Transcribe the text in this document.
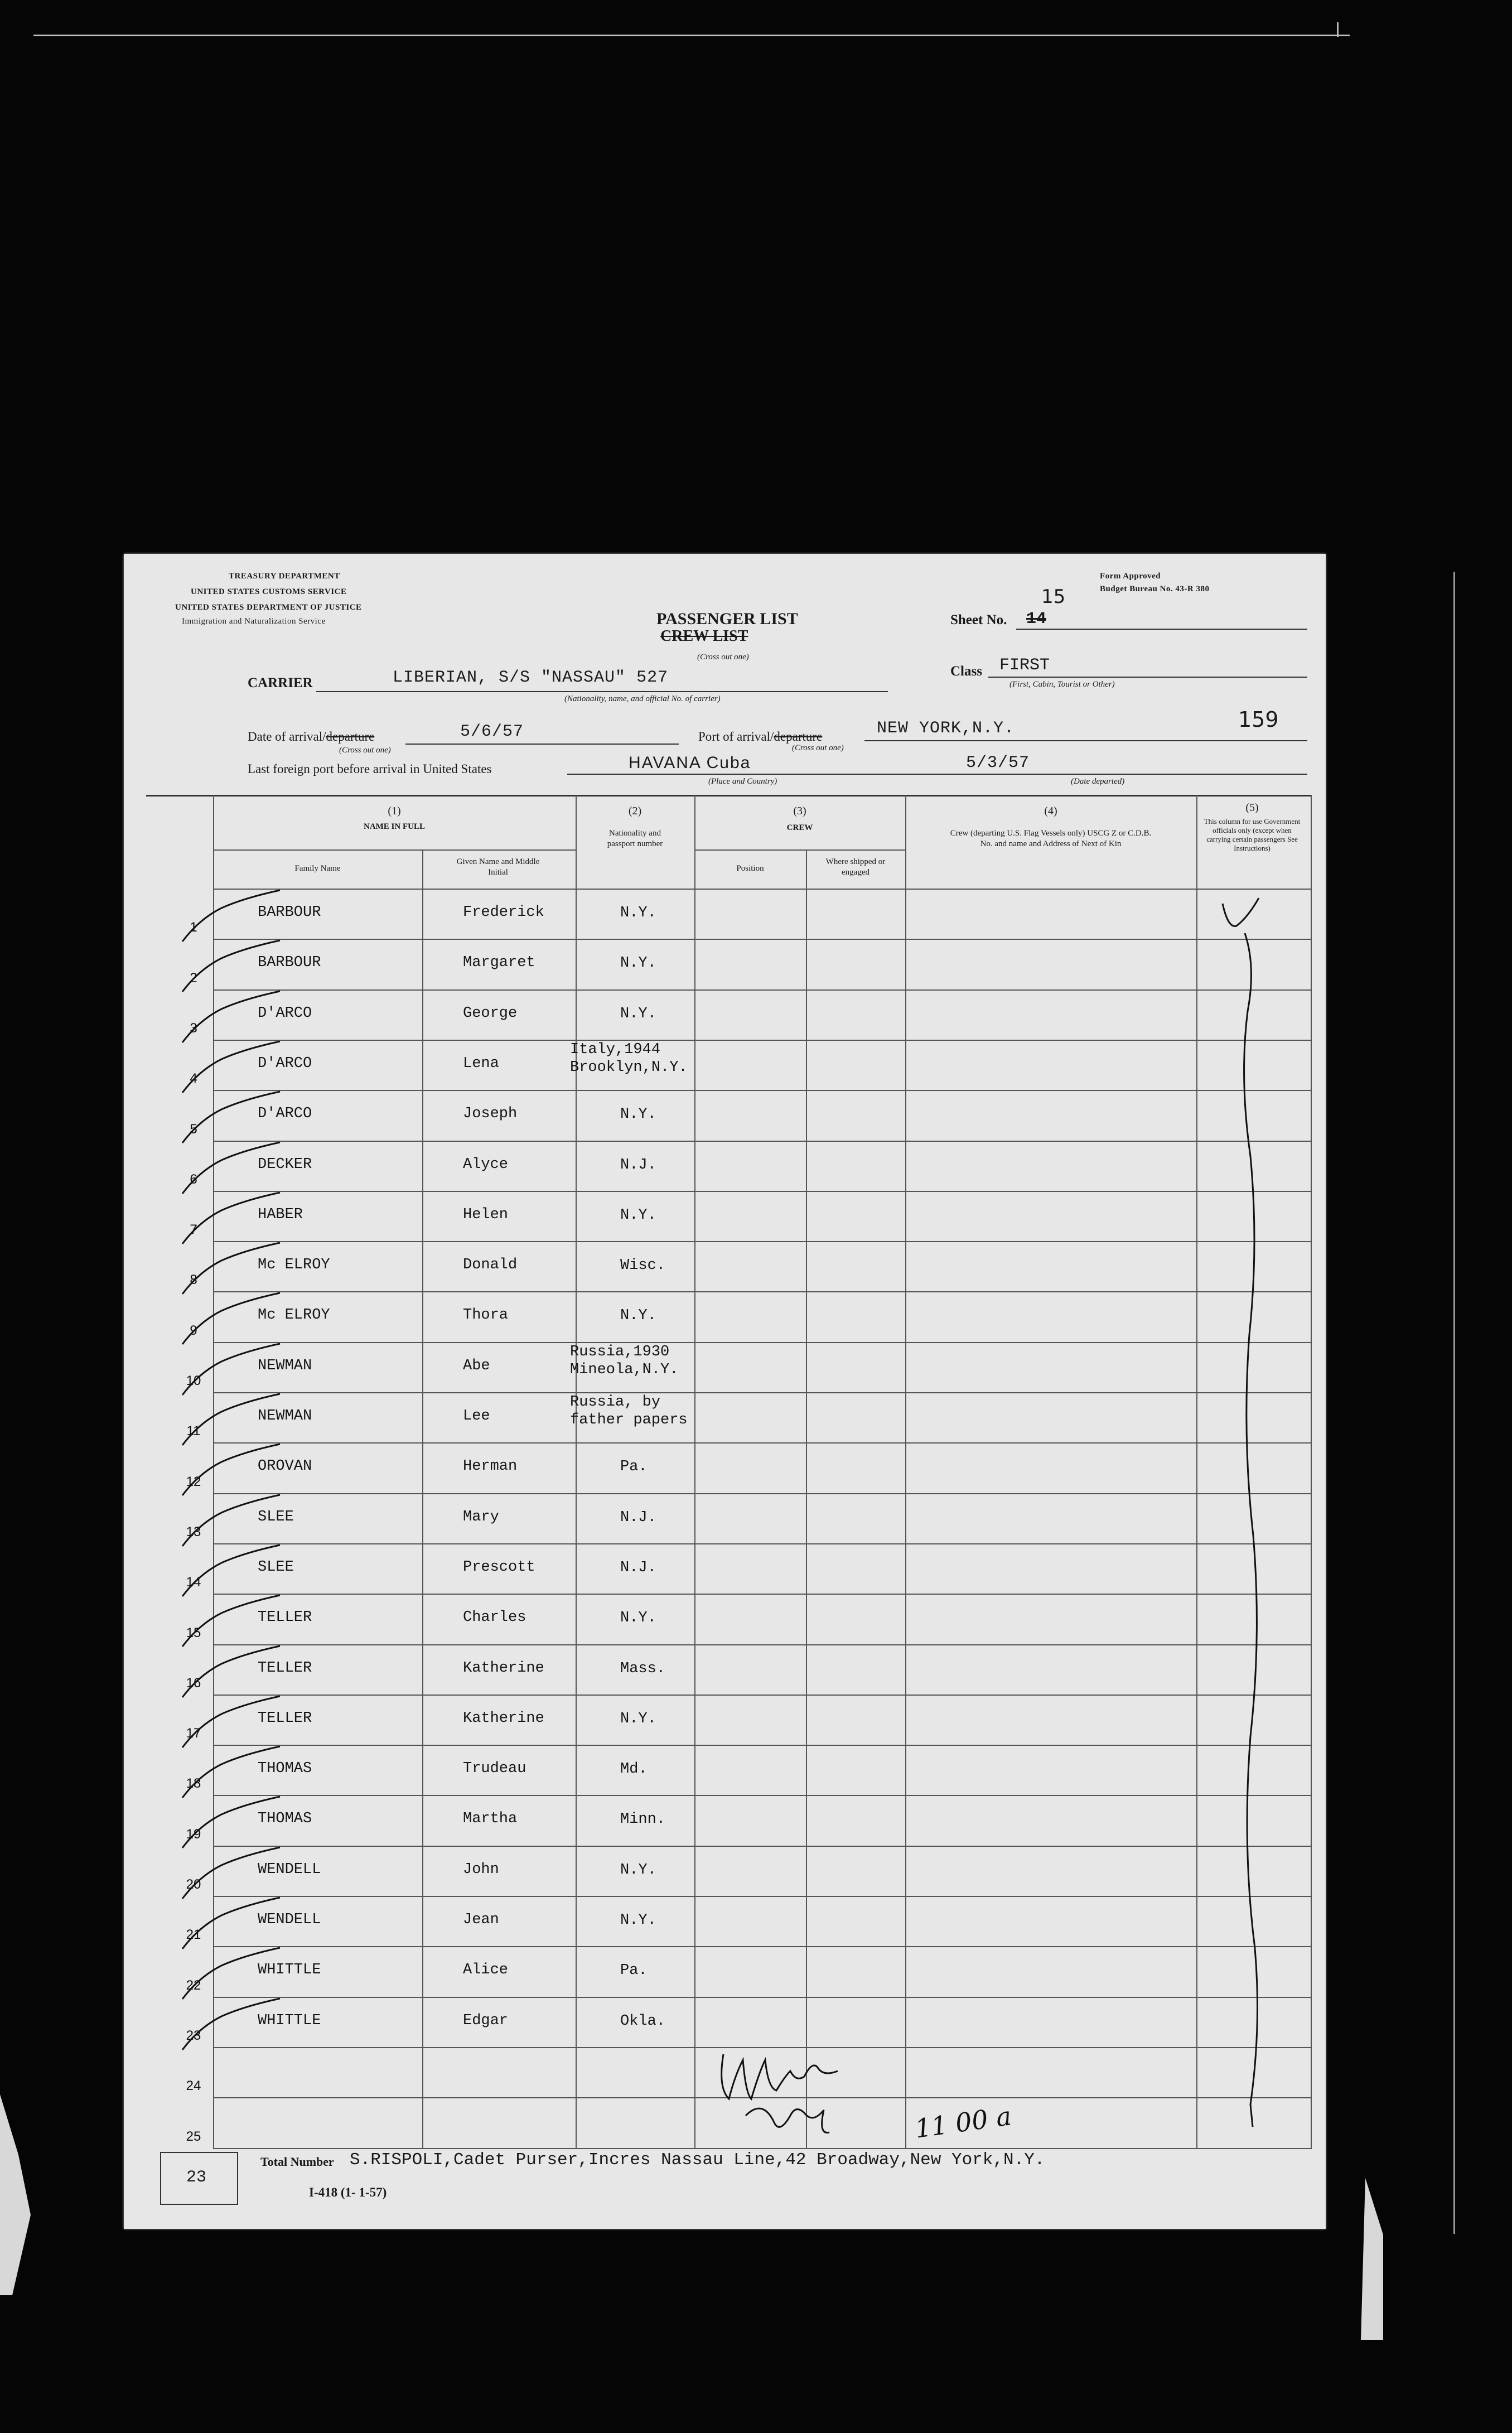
TREASURY DEPARTMENT
UNITED STATES CUSTOMS SERVICE
UNITED STATES DEPARTMENT OF JUSTICE
Immigration and Naturalization Service
Form Approved
Budget Bureau No. 43-R 380
PASSENGER LIST
CREW LIST
(Cross out one)
Sheet No. 14
15
Class FIRST
(First, Cabin, Tourist or Other)
CARRIER	LIBERIAN, S/S "NASSAU" 527
(Nationality, name, and official No. of carrier)
Date of arrival/departure	5/6/57
(Cross out one)
Port of arrival/departure	NEW YORK,N.Y.
(Cross out one)
159
Last foreign port before arrival in United States	HAVANA Cuba
(Place and Country)
5/3/57
(Date departed)
(1)
NAME IN FULL
Family Name
Given Name and Middle Initial
(2)
Nationality and passport number
(3)
CREW
Position
Where shipped or engaged
(4)
Crew (departing U.S. Flag Vessels only) USCG Z or C.D.B. No. and name and Address of Next of Kin
(5)
This column for use Government officials only (except when carrying certain passengers See Instructions)
1
BARBOUR	Frederick	N.Y.
2
BARBOUR	Margaret	N.Y.
3
D'ARCO	George	N.Y.
4
D'ARCO	Lena
Italy,1944
Brooklyn,N.Y.
5
D'ARCO	Joseph	N.Y.
6
DECKER	Alyce	N.J.
7
HABER	Helen	N.Y.
8
Mc ELROY	Donald	Wisc.
9
Mc ELROY	Thora	N.Y.
10
NEWMAN	Abe
Russia,1930
Mineola,N.Y.
11
NEWMAN	Lee
Russia, by
father papers
12
OROVAN	Herman	Pa.
13
SLEE	Mary	N.J.
14
SLEE	Prescott	N.J.
15
TELLER	Charles	N.Y.
16
TELLER	Katherine	Mass.
17
TELLER	Katherine	N.Y.
18
THOMAS	Trudeau	Md.
19
THOMAS	Martha	Minn.
20
WENDELL	John	N.Y.
21
WENDELL	Jean	N.Y.
22
WHITTLE	Alice	Pa.
23
WHITTLE	Edgar	Okla.
24
25	11 00 a
23
Total Number S.RISPOLI,Cadet Purser,Incres Nassau Line,42 Broadway,New York,N.Y.
I-418 (1- 1-57)
